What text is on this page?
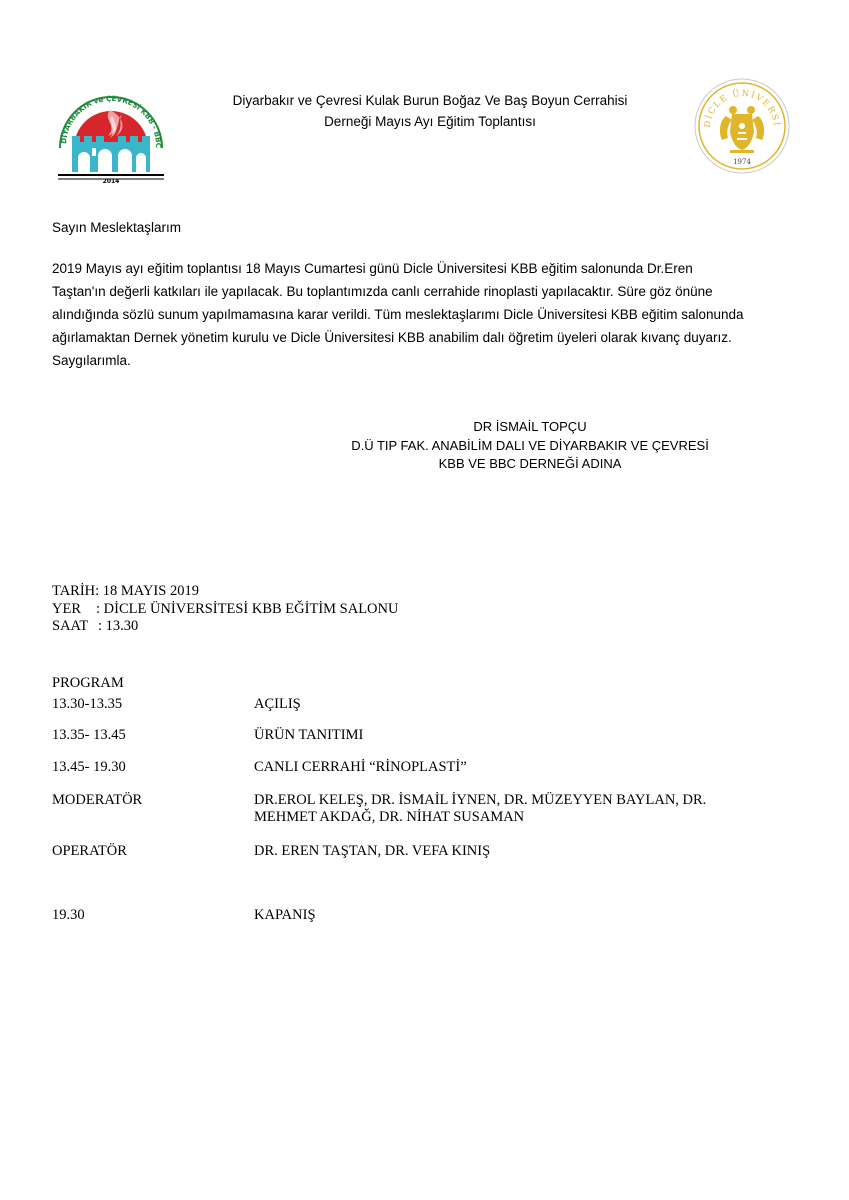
DİYARBAKIR ve ÇEVRESİ KBB - BBC
2014
Diyarbakır ve Çevresi Kulak Burun Boğaz Ve Baş Boyun Cerrahisi
Derneği Mayıs Ayı Eğitim Toplantısı	DİCLE ÜNİVERSİ
1974
Sayın Meslektaşlarım
2019 Mayıs ayı eğitim toplantısı 18 Mayıs Cumartesi günü Dicle Üniversitesi KBB eğitim salonunda Dr.Eren
Taştan'ın değerli katkıları ile yapılacak. Bu toplantımızda canlı cerrahide rinoplasti yapılacaktır. Süre göz önüne
alındığında sözlü sunum yapılmamasına karar verildi. Tüm meslektaşlarımı Dicle Üniversitesi KBB eğitim salonunda
ağırlamaktan Dernek yönetim kurulu ve Dicle Üniversitesi KBB anabilim dalı öğretim üyeleri olarak kıvanç duyarız.
Saygılarımla.
DR İSMAİL TOPÇU
D.Ü TIP FAK. ANABİLİM DALI VE DİYARBAKIR VE ÇEVRESİ
KBB VE BBC DERNEĞİ ADINA
TARİH: 18 MAYIS 2019
YER : DİCLE ÜNİVERSİTESİ KBB EĞİTİM SALONU
SAAT : 13.30
PROGRAM
13.30-13.35	AÇILIŞ
13.35- 13.45	ÜRÜN TANITIMI
13.45- 19.30	CANLI CERRAHİ “RİNOPLASTİ”
MODERATÖR	DR.EROL KELEŞ, DR. İSMAİL İYNEN, DR. MÜZEYYEN BAYLAN, DR.
MEHMET AKDAĞ, DR. NİHAT SUSAMAN
OPERATÖR	DR. EREN TAŞTAN, DR. VEFA KINIŞ
19.30	KAPANIŞ
